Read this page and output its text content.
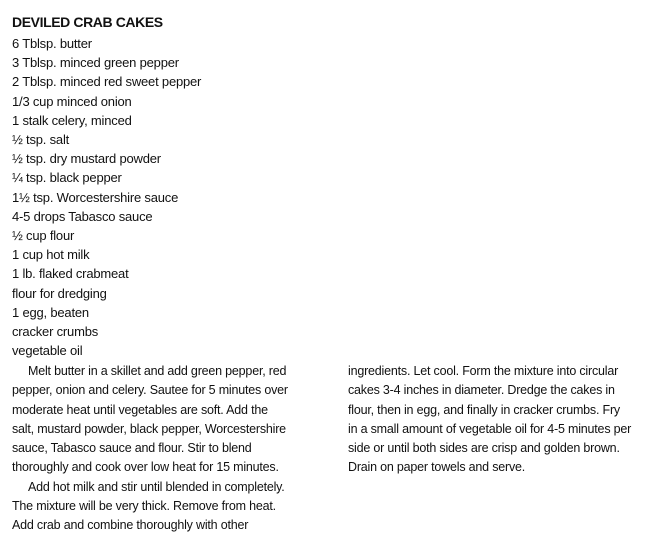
DEVILED CRAB CAKES
6 Tblsp. butter
3 Tblsp. minced green pepper
2 Tblsp. minced red sweet pepper
1/3 cup minced onion
1 stalk celery, minced
½ tsp. salt
½ tsp. dry mustard powder
¼ tsp. black pepper
1½ tsp. Worcestershire sauce
4-5 drops Tabasco sauce
½ cup flour
1 cup hot milk
1 lb. flaked crabmeat
flour for dredging
1 egg, beaten
cracker crumbs
vegetable oil

Melt butter in a skillet and add green pepper, red
pepper, onion and celery. Sautee for 5 minutes over
moderate heat until vegetables are soft. Add the
salt, mustard powder, black pepper, Worcestershire
sauce, Tabasco sauce and flour. Stir to blend
thoroughly and cook over low heat for 15 minutes.

Add hot milk and stir until blended in completely.
The mixture will be very thick. Remove from heat.
Add crab and combine thoroughly with other

ingredients. Let cool. Form the mixture into circular
cakes 3-4 inches in diameter. Dredge the cakes in
flour, then in egg, and finally in cracker crumbs. Fry
in a small amount of vegetable oil for 4-5 minutes per
side or until both sides are crisp and golden brown.
Drain on paper towels and serve.
